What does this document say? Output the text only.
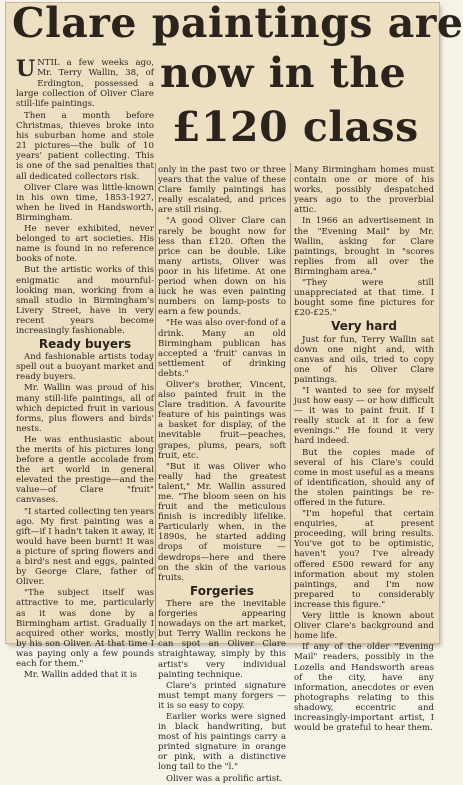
Clare paintings are
now in the
£120 class

UNTIL a few weeks ago, Mr. Terry Wallin, 38, of Erdington, possessed a large collection of Oliver Clare still-life paintings.

Then a month before Christmas, thieves broke into his suburban home and stole 21 pictures—the bulk of 10 years' patient collecting. This is one of the sad penalties that all dedicated collectors risk.

Oliver Clare was little-known in his own time, 1853-1927, when he lived in Handsworth, Birmingham.

He never exhibited, never belonged to art societies. His name is found in no reference books of note.

But the artistic works of this enigmatic and mournful-looking man, working from a small studio in Birmingham's Livery Street, have in very recent years become increasingly fashionable.

Ready buyers

And fashionable artists today spell out a buoyant market and ready buyers.

Mr. Wallin was proud of his many still-life paintings, all of which depicted fruit in various forms, plus flowers and birds' nests.

He was enthusiastic about the merits of his pictures long before a gentle accolade from the art world in general elevated the prestige—and the value—of Clare "fruit" canvases.

"I started collecting ten years ago. My first painting was a gift—if I hadn't taken it away, it would have been burnt! It was a picture of spring flowers and a bird's nest and eggs, painted by George Clare, father of Oliver.

"The subject itself was attractive to me, particularly as it was done by a Birmingham artist. Gradually I acquired other works, mostly by his son Oliver. At that time I was paying only a few pounds each for them."

Mr. Wallin added that it is

only in the past two or three years that the value of these Clare family paintings has really escalated, and prices are still rising.

"A good Oliver Clare can rarely be bought now for less than £120. Often the price can be double. Like many artists, Oliver was poor in his lifetime. At one period when down on his luck he was even painting numbers on lamp-posts to earn a few pounds.

"He was also over-fond of a drink. Many an old Birmingham publican has accepted a 'fruit' canvas in settlement of drinking debts."

Oliver's brother, Vincent, also painted fruit in the Clare tradition. A favourite feature of his paintings was a basket for display, of the inevitable fruit—peaches, grapes, plums, pears, soft fruit, etc.

"But it was Oliver who really had the greatest talent," Mr. Wallin assured me. "The bloom seen on his fruit and the meticulous finish is incredibly lifelike. Particularly when, in the 1890s, he started adding drops of moisture — dewdrops—here and there on the skin of the various fruits.

Forgeries

There are the inevitable forgeries appearing nowadays on the art market, but Terry Wallin reckons he can spot an Oliver Clare straightaway, simply by this artist's very individual painting technique.

Clare's printed signature must tempt many forgers — it is so easy to copy.

Earlier works were signed in black handwriting, but most of his paintings carry a printed signature in orange or pink, with a distinctive long tail to the "l."

Oliver was a prolific artist.

Many Birmingham homes must contain one or more of his works, possibly despatched years ago to the proverbial attic.

In 1966 an advertisement in the "Evening Mail" by Mr. Wallin, asking for Clare paintings, brought in "scores replies from all over the Birmingham area."

"They were still unappreciated at that time. I bought some fine pictures for £20-£25."

Very hard

Just for fun, Terry Wallin sat down one night and, with canvas and oils, tried to copy one of his Oliver Clare paintings.

"I wanted to see for myself just how easy — or how difficult — it was to paint fruit. If I really stuck at it for a few evenings." He found it very hard indeed.

But the copies made of several of his Clare's could come in most useful as a means of identification, should any of the stolen paintings be re-offered in the future.

"I'm hopeful that certain enquiries, at present proceeding, will bring results. You've got to be optimistic, haven't you? I've already offered £500 reward for any information about my stolen paintings, and I'm now prepared to considerably increase this figure."

Very little is known about Oliver Clare's background and home life.

If any of the older "Evening Mail" readers, possibly in the Lozells and Handsworth areas of the city, have any information, anecdotes or even photographs relating to this shadowy, eccentric and increasingly-important artist, I would be grateful to hear them.
